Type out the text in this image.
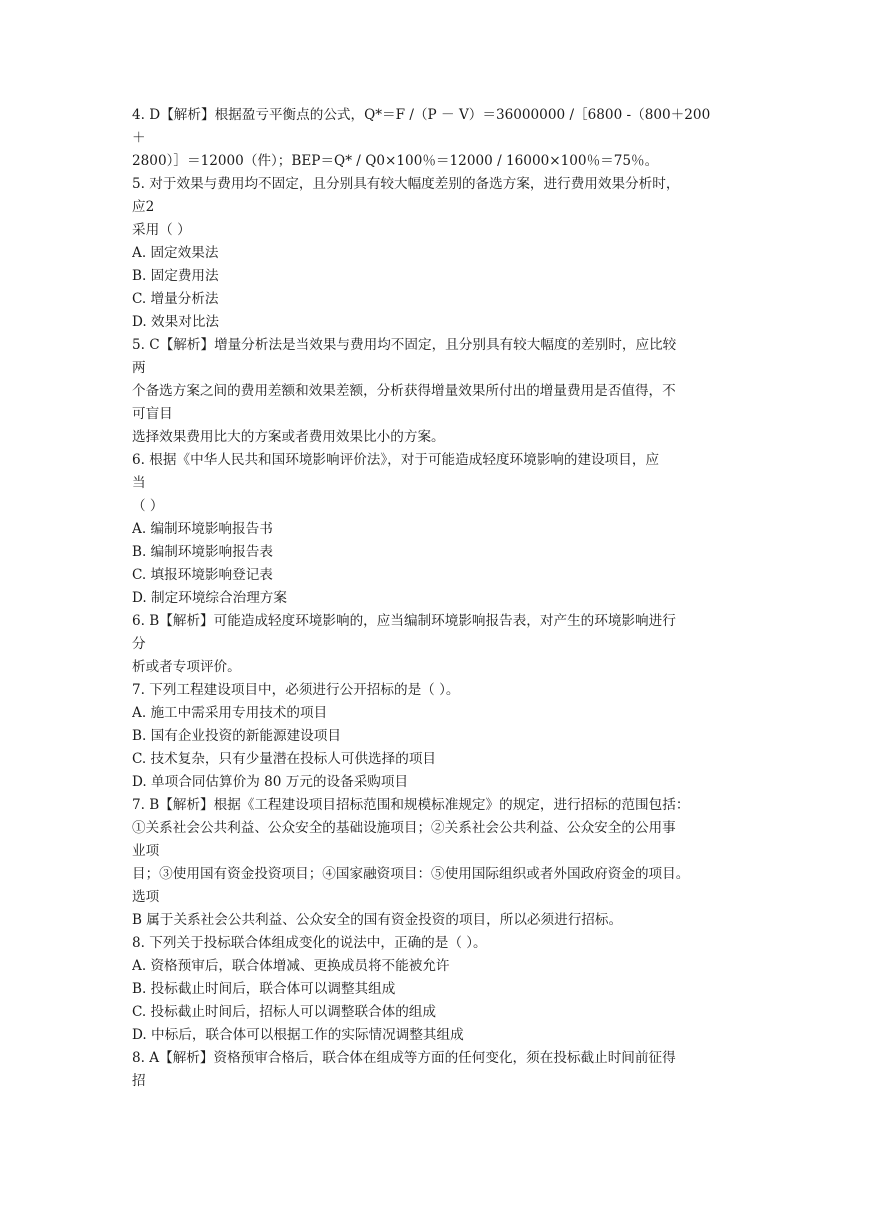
4. D【解析】根据盈亏平衡点的公式，Q*＝F /（P － V）＝36000000 /［6800 -（800＋200
＋
2800）］＝12000（件）；BEP＝Q* / Q0×100％＝12000 / 16000×100％＝75％。
5. 对于效果与费用均不固定，且分别具有较大幅度差别的备选方案，进行费用效果分析时，
应2
采用（ ）
A. 固定效果法
B. 固定费用法
C. 增量分析法
D. 效果对比法
5. C【解析】增量分析法是当效果与费用均不固定，且分别具有较大幅度的差别时，应比较
两
个备选方案之间的费用差额和效果差额，分析获得增量效果所付出的增量费用是否值得，不
可盲目
选择效果费用比大的方案或者费用效果比小的方案。
6. 根据《中华人民共和国环境影响评价法》，对于可能造成轻度环境影响的建设项目，应
当
（ ）
A. 编制环境影响报告书
B. 编制环境影响报告表
C. 填报环境影响登记表
D. 制定环境综合治理方案
6. B【解析】可能造成轻度环境影响的，应当编制环境影响报告表，对产生的环境影响进行
分
析或者专项评价。
7. 下列工程建设项目中，必须进行公开招标的是（ ）。
A. 施工中需采用专用技术的项目
B. 国有企业投资的新能源建设项目
C. 技术复杂，只有少量潜在投标人可供选择的项目
D. 单项合同估算价为 80 万元的设备采购项目
7. B【解析】根据《工程建设项目招标范围和规模标准规定》的规定，进行招标的范围包括：
①关系社会公共利益、公众安全的基础设施项目；②关系社会公共利益、公众安全的公用事
业项
目；③使用国有资金投资项目；④国家融资项目：⑤使用国际组织或者外国政府资金的项目。
选项
B 属于关系社会公共利益、公众安全的国有资金投资的项目，所以必须进行招标。
8. 下列关于投标联合体组成变化的说法中，正确的是（ ）。
A. 资格预审后，联合体增减、更换成员将不能被允许
B. 投标截止时间后，联合体可以调整其组成
C. 投标截止时间后，招标人可以调整联合体的组成
D. 中标后，联合体可以根据工作的实际情况调整其组成
8. A【解析】资格预审合格后，联合体在组成等方面的任何变化，须在投标截止时间前征得
招
